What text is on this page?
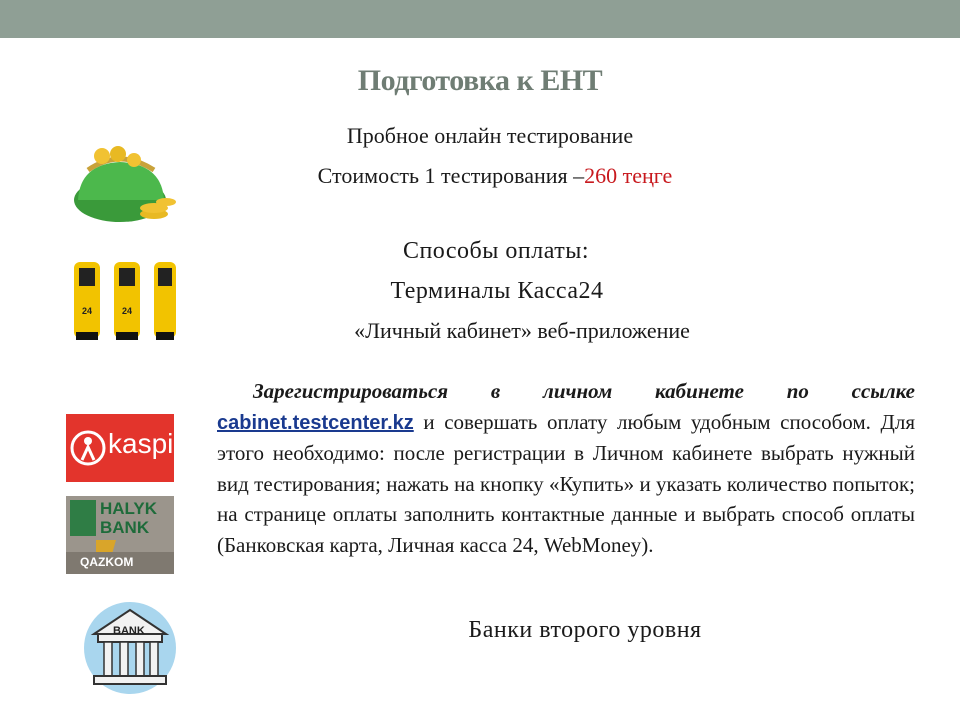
Подготовка к ЕНТ
Пробное онлайн тестирование
Стоимость 1 тестирования –260 теңге
Способы оплаты:
Терминалы Касса24
«Личный кабинет» веб-приложение
Зарегистрироваться в личном кабинете по ссылке cabinet.testcenter.kz и совершать оплату любым удобным способом. Для этого необходимо: после регистрации в Личном кабинете выбрать нужный вид тестирования; нажать на кнопку «Купить» и указать количество попыток; на странице оплаты заполнить контактные данные и выбрать способ оплаты (Банковская карта, Личная касса 24, WebMoney).
Банки второго уровня
24	24
kaspi
HALYK
BANK
QAZKOM
BANK
